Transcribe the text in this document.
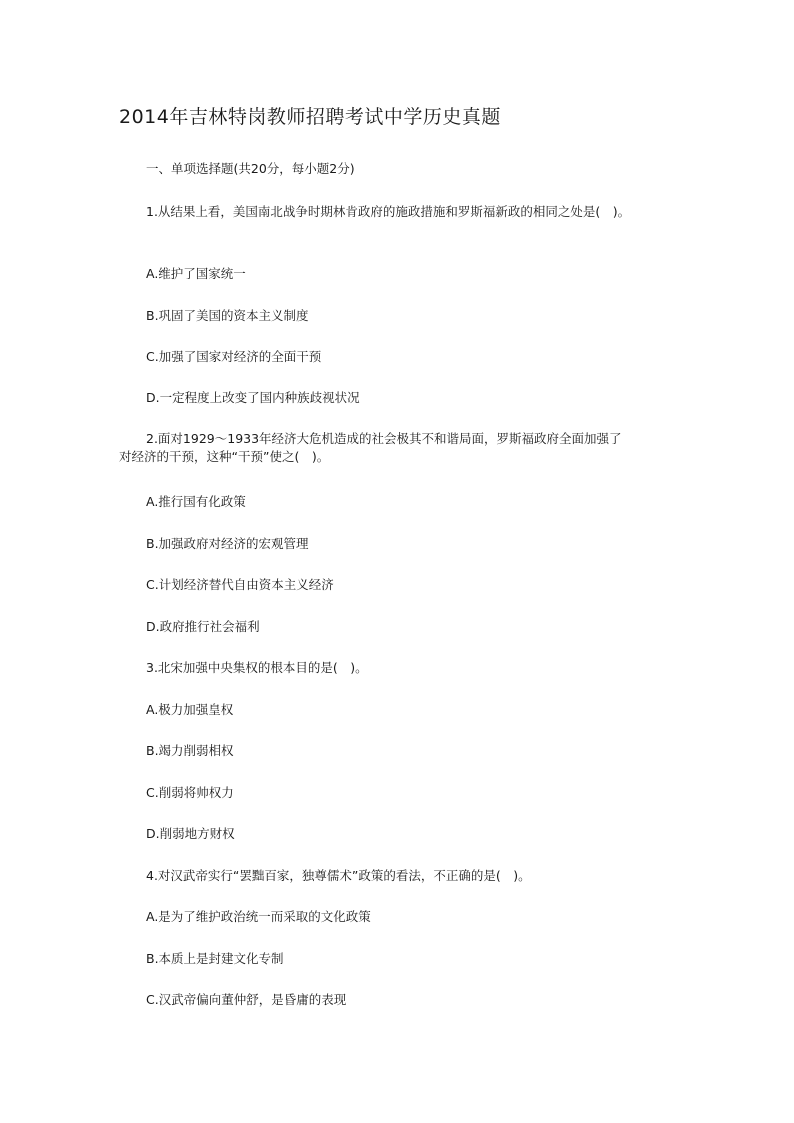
2014年吉林特岗教师招聘考试中学历史真题
一、单项选择题(共20分，每小题2分)
1.从结果上看，美国南北战争时期林肯政府的施政措施和罗斯福新政的相同之处是(　)。
A.维护了国家统一
B.巩固了美国的资本主义制度
C.加强了国家对经济的全面干预
D.一定程度上改变了国内种族歧视状况
2.面对1929～1933年经济大危机造成的社会极其不和谐局面，罗斯福政府全面加强了
对经济的干预，这种“干预”使之(　)。
A.推行国有化政策
B.加强政府对经济的宏观管理
C.计划经济替代自由资本主义经济
D.政府推行社会福利
3.北宋加强中央集权的根本目的是(　)。
A.极力加强皇权
B.竭力削弱相权
C.削弱将帅权力
D.削弱地方财权
4.对汉武帝实行“罢黜百家，独尊儒术”政策的看法，不正确的是(　)。
A.是为了维护政治统一而采取的文化政策
B.本质上是封建文化专制
C.汉武帝偏向董仲舒，是昏庸的表现
